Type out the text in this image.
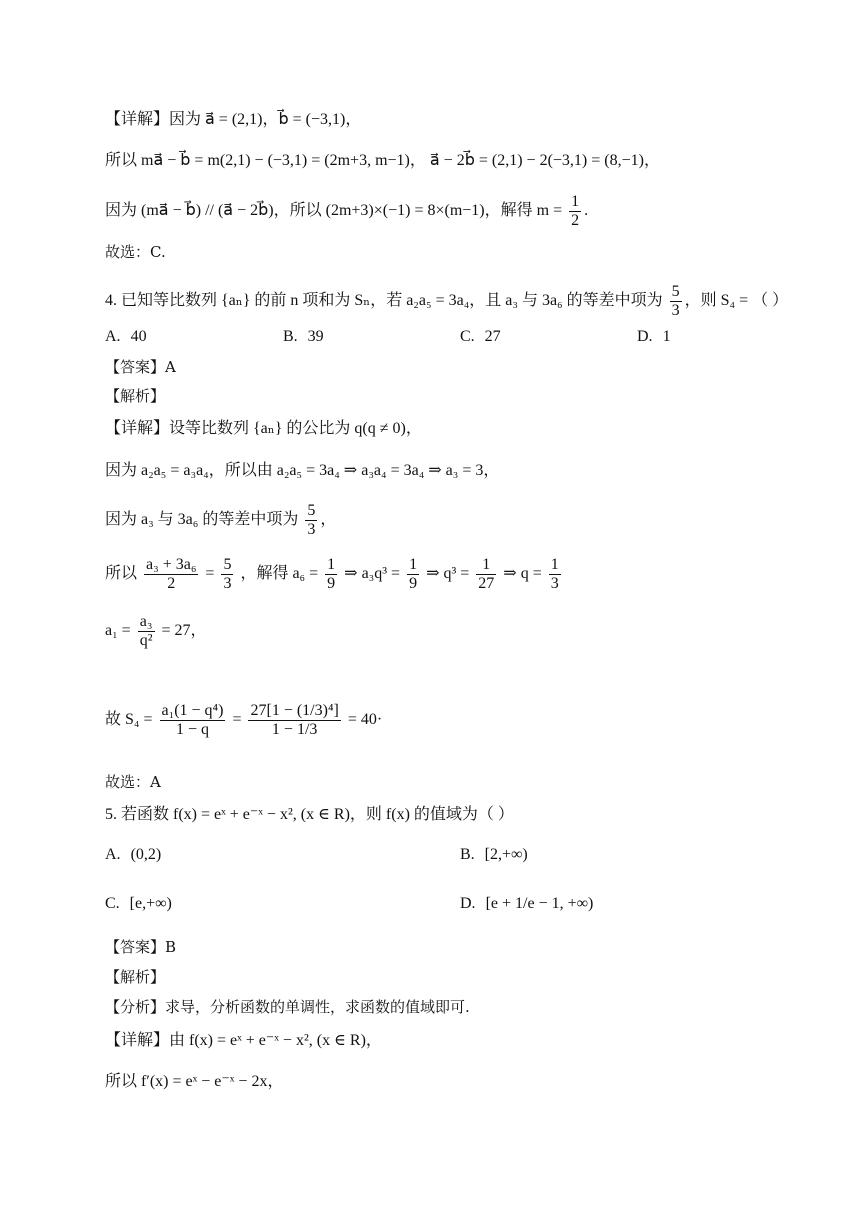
【详解】因为 a⃗ = (2,1)，b⃗ = (−3,1)，
所以 ma⃗ − b⃗ = m(2,1) − (−3,1) = (2m+3, m−1)， a⃗ − 2b⃗ = (2,1) − 2(−3,1) = (8,−1)，
因为 (ma⃗ − b⃗) // (a⃗ − 2b⃗)，所以 (2m+3)×(−1) = 8×(m−1)，解得 $m = \frac{1}{2}$ .
故选：C.
4. 已知等比数列 {aₙ} 的前 n 项和为 Sₙ，若 a₂a₅ = 3a₄，且 a₃ 与 3a₆ 的等差中项为 $\frac{5}{3}$ ，则 S₄ = （ ）
A. 40	B. 39	C. 27	D. 1
【答案】A
【解析】
【详解】设等比数列 {aₙ} 的公比为 q(q ≠ 0)，
因为 a₂a₅ = a₃a₄，所以由 a₂a₅ = 3a₄ ⇒ a₃a₄ = 3a₄ ⇒ a₃ = 3，
因为 a₃ 与 3a₆ 的等差中项为 $\frac{5}{3}$ ，
所以 $\frac{\text{a₃ + 3a₆}}{2} = \frac{5}{3}$ ，解得 $a_6 = \frac{1}{9}$ ⇒ $a_3q^3 = \frac{1}{9}$ ⇒ $q^3 = \frac{1}{27}$ ⇒ $q = \frac{1}{3}$
$a_1 = \frac{\text{a₃}}{\text{q²}} = 27$，
故 $S_4 = \frac{\text{a₁(1 − q⁴)}}{1 - q} = \frac{\text{27[1 − (1/3)⁴]}}{1 - 1/3} = 40\cdot$
故选：A
5. 若函数 f(x) = eˣ + e⁻ˣ − x², (x ∈ R)，则 f(x) 的值域为（ ）
A. (0,2)	B. [2,+∞)
C. [e,+∞)	D. [e + 1/e − 1, +∞)
【答案】B
【解析】
【分析】求导，分析函数的单调性，求函数的值域即可.
【详解】由 f(x) = eˣ + e⁻ˣ − x², (x ∈ R)，
所以 f′(x) = eˣ − e⁻ˣ − 2x，
